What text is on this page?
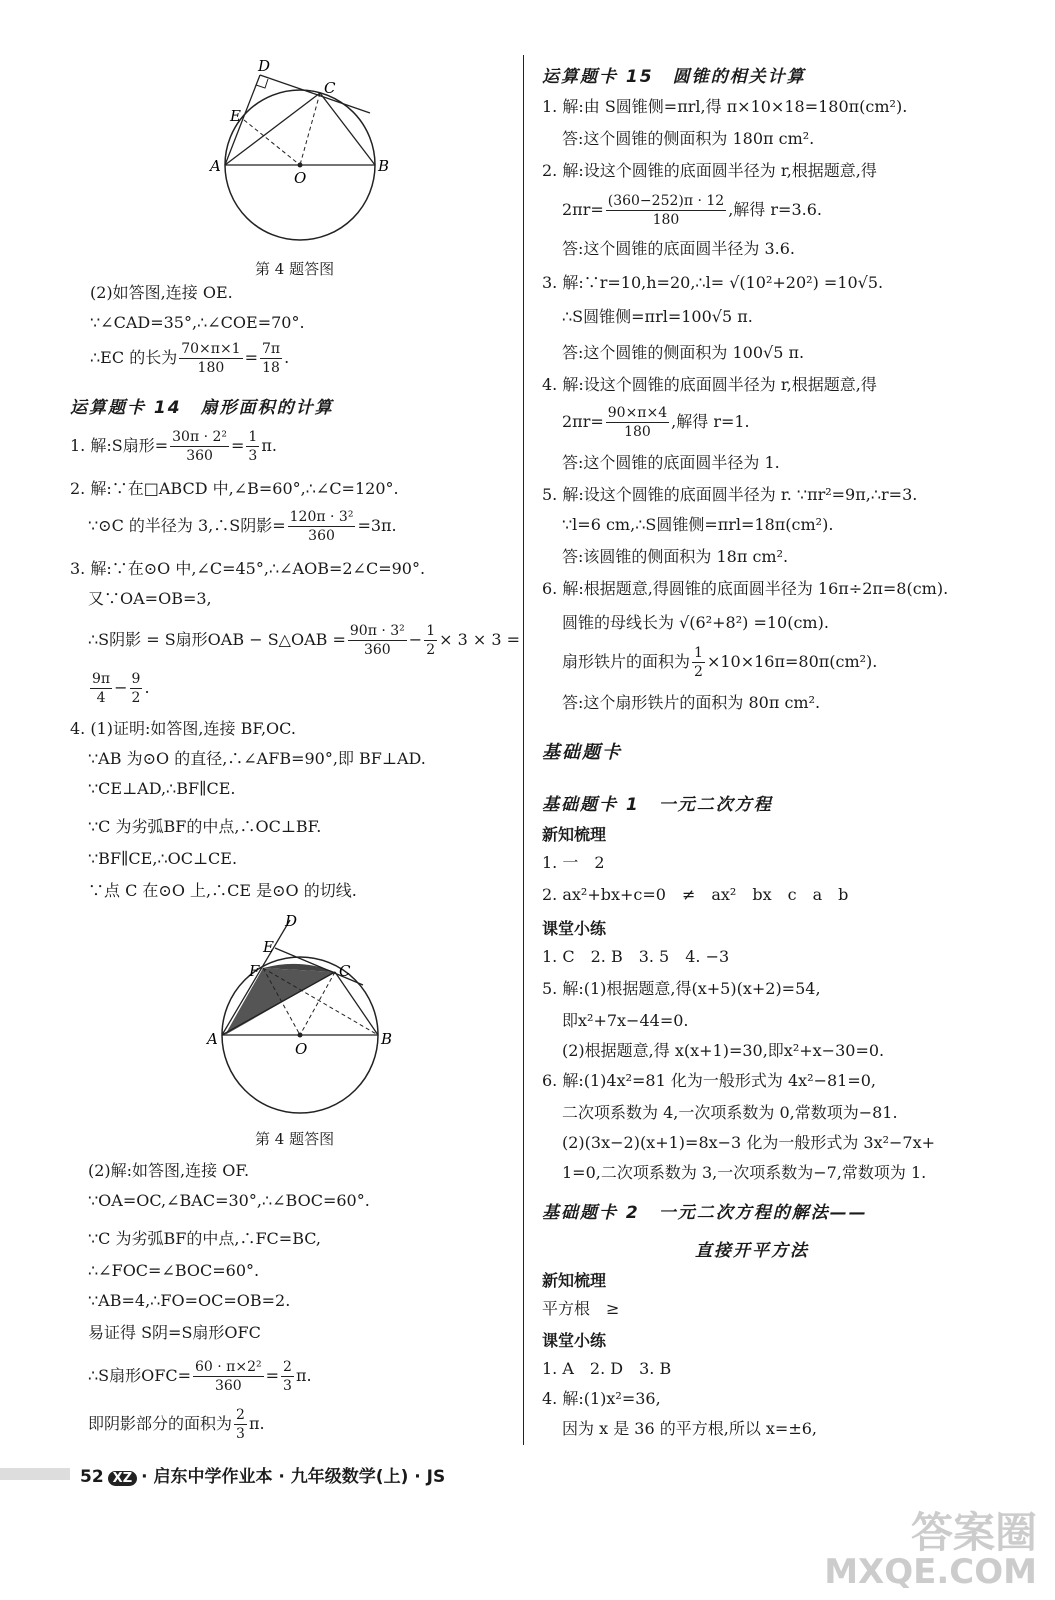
D
E
C
A
O
B
第 4 题答图
(2)如答图,连接 OE.
∵∠CAD=35°,∴∠COE=70°.
∴EC 的长为 $\frac{70\times\pi\times 1}{180} = \frac{7\pi}{18}$ .
运算题卡 14　扇形面积的计算
1. 解:S扇形= $\frac{\text{30π · 2²}}{360} = \frac{1}{3} \pi$.
2. 解:∵在□ABCD 中,∠B=60°,∴∠C=120°.
∵⊙C 的半径为 3,∴S阴影= $\frac{\text{120π · 3²}}{360} =3\pi$.
3. 解:∵在⊙O 中,∠C=45°,∴∠AOB=2∠C=90°.
又∵OA=OB=3,
∴S阴影 = S扇形OAB − S△OAB = $\frac{\text{90π · 3²}}{360} - \frac{1}{2} \times 3 \times 3$ =
$\frac{9\pi}{4} - \frac{9}{2}$ .
4. (1)证明:如答图,连接 BF,OC.
∵AB 为⊙O 的直径,∴∠AFB=90°,即 BF⊥AD.
∵CE⊥AD,∴BF∥CE.
∵C 为劣弧BF的中点,∴OC⊥BF.
∵BF∥CE,∴OC⊥CE.
∵点 C 在⊙O 上,∴CE 是⊙O 的切线.
D
E
F	C
A
O
B
第 4 题答图
(2)解:如答图,连接 OF.
∵OA=OC,∠BAC=30°,∴∠BOC=60°.
∵C 为劣弧BF的中点,∴FC=BC,
∴∠FOC=∠BOC=60°.
∵AB=4,∴FO=OC=OB=2.
易证得 S阴=S扇形OFC
∴S扇形$OFC= \frac{\text{60 · π×2²}}{360} = \frac{2}{3} \pi$.
即阴影部分的面积为 $\frac{2}{3} \pi$.
运算题卡 15　圆锥的相关计算
1. 解:由 S圆锥侧=πrl,得 π×10×18=180π(cm²).
答:这个圆锥的侧面积为 180π cm².
2. 解:设这个圆锥的底面圆半径为 r,根据题意,得
$2\pi r= \frac{(360-252)\pi \cdot 12}{180}$ ,解得 r=3.6.
答:这个圆锥的底面圆半径为 3.6.
3. 解:∵r=10,h=20,∴l= √(10²+20²) =10√5.
∴S圆锥侧=πrl=100√5 π.
答:这个圆锥的侧面积为 100√5 π.
4. 解:设这个圆锥的底面圆半径为 r,根据题意,得
$2\pi r= \frac{90\times\pi\times 4}{180}$ ,解得 r=1.
答:这个圆锥的底面圆半径为 1.
5. 解:设这个圆锥的底面圆半径为 r. ∵πr²=9π,∴r=3.
∵l=6 cm,∴S圆锥侧=πrl=18π(cm²).
答:该圆锥的侧面积为 18π cm².
6. 解:根据题意,得圆锥的底面圆半径为 16π÷2π=8(cm).
圆锥的母线长为 √(6²+8²) =10(cm).
扇形铁片的面积为 $\frac{1}{2} \times 10\times 16\pi=80\pi(cm^2)$.
答:这个扇形铁片的面积为 80π cm².
基础题卡
基础题卡 1　一元二次方程
新知梳理
1. 一　2
2. ax²+bx+c=0　≠　ax²　bx　c　a　b
课堂小练
1. C　2. B　3. 5　4. −3
5. 解:(1)根据题意,得(x+5)(x+2)=54,
即x²+7x−44=0.
(2)根据题意,得 x(x+1)=30,即x²+x−30=0.
6. 解:(1)4x²=81 化为一般形式为 4x²−81=0,
二次项系数为 4,一次项系数为 0,常数项为−81.
(2)(3x−2)(x+1)=8x−3 化为一般形式为 3x²−7x+
1=0,二次项系数为 3,一次项系数为−7,常数项为 1.
基础题卡 2　一元二次方程的解法——
直接开平方法
新知梳理
平方根　≥
课堂小练
1. A　2. D　3. B
4. 解:(1)x²=36,
因为 x 是 36 的平方根,所以 x=±6,
52 XZ · 启东中学作业本 · 九年级数学(上) · JS
答案圈
MXQE.COM
